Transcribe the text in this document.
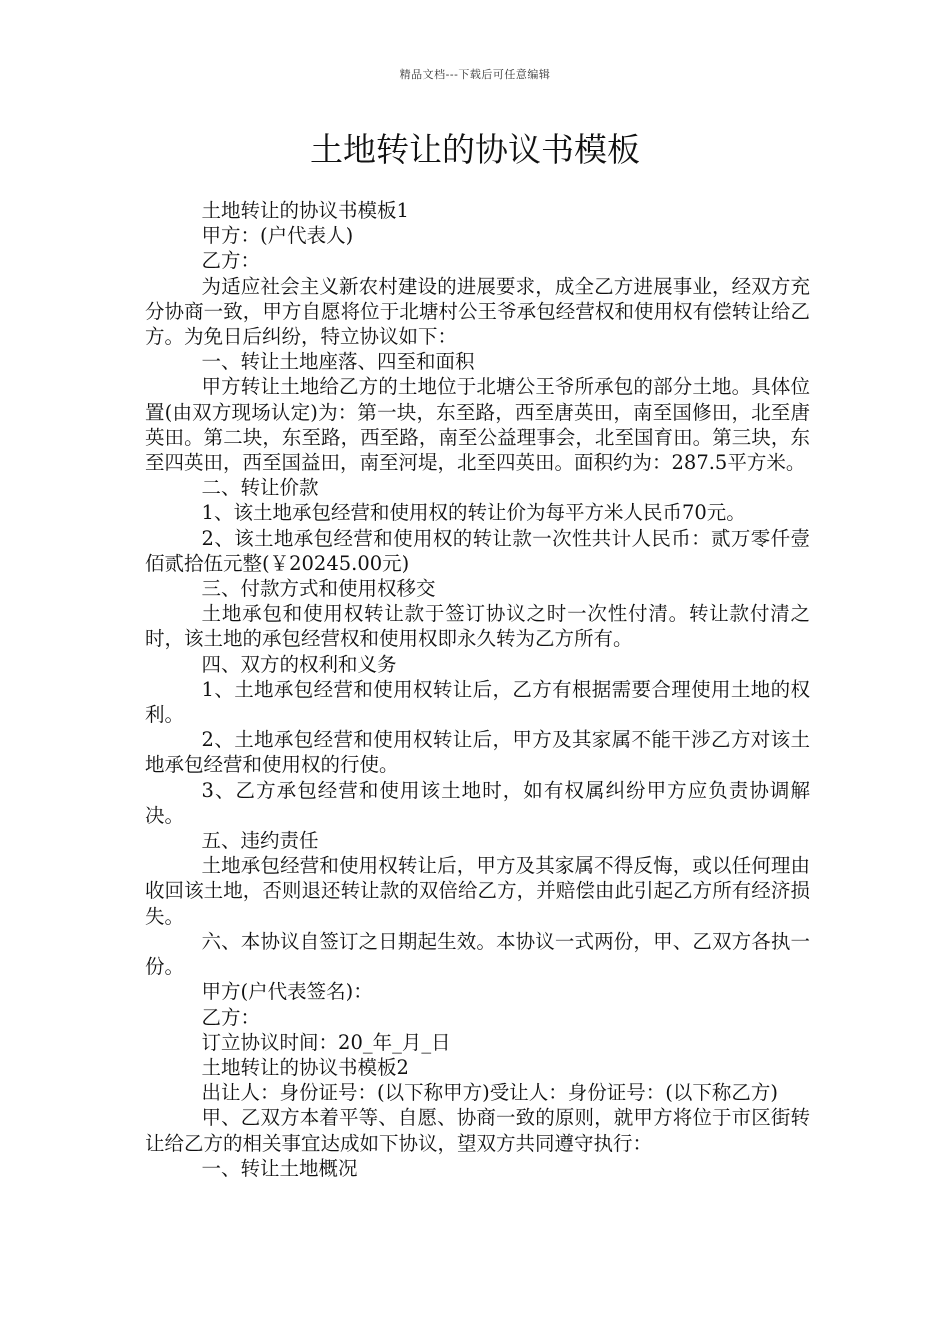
精品文档---下载后可任意编辑
土地转让的协议书模板

土地转让的协议书模板1

甲方：(户代表人)

乙方：

为适应社会主义新农村建设的进展要求，成全乙方进展事业，经双方充分协商一致，甲方自愿将位于北塘村公王爷承包经营权和使用权有偿转让给乙方。为免日后纠纷，特立协议如下：

一、转让土地座落、四至和面积

甲方转让土地给乙方的土地位于北塘公王爷所承包的部分土地。具体位置(由双方现场认定)为：第一块，东至路，西至唐英田，南至国修田，北至唐英田。第二块，东至路，西至路，南至公益理事会，北至国育田。第三块，东至四英田，西至国益田，南至河堤，北至四英田。面积约为：287.5平方米。

二、转让价款

1、该土地承包经营和使用权的转让价为每平方米人民币70元。

2、该土地承包经营和使用权的转让款一次性共计人民币：贰万零仟壹佰贰拾伍元整(￥20245.00元)

三、付款方式和使用权移交

土地承包和使用权转让款于签订协议之时一次性付清。转让款付清之时，该土地的承包经营权和使用权即永久转为乙方所有。

四、双方的权利和义务

1、土地承包经营和使用权转让后，乙方有根据需要合理使用土地的权利。

2、土地承包经营和使用权转让后，甲方及其家属不能干涉乙方对该土地承包经营和使用权的行使。

3、乙方承包经营和使用该土地时，如有权属纠纷甲方应负责协调解决。

五、违约责任

土地承包经营和使用权转让后，甲方及其家属不得反悔，或以任何理由收回该土地，否则退还转让款的双倍给乙方，并赔偿由此引起乙方所有经济损失。

六、本协议自签订之日期起生效。本协议一式两份，甲、乙双方各执一份。

甲方(户代表签名)：

乙方：

订立协议时间：20_年_月_日

土地转让的协议书模板2

出让人：身份证号：(以下称甲方)受让人：身份证号：(以下称乙方)

甲、乙双方本着平等、自愿、协商一致的原则，就甲方将位于市区街转让给乙方的相关事宜达成如下协议，望双方共同遵守执行：

一、转让土地概况
